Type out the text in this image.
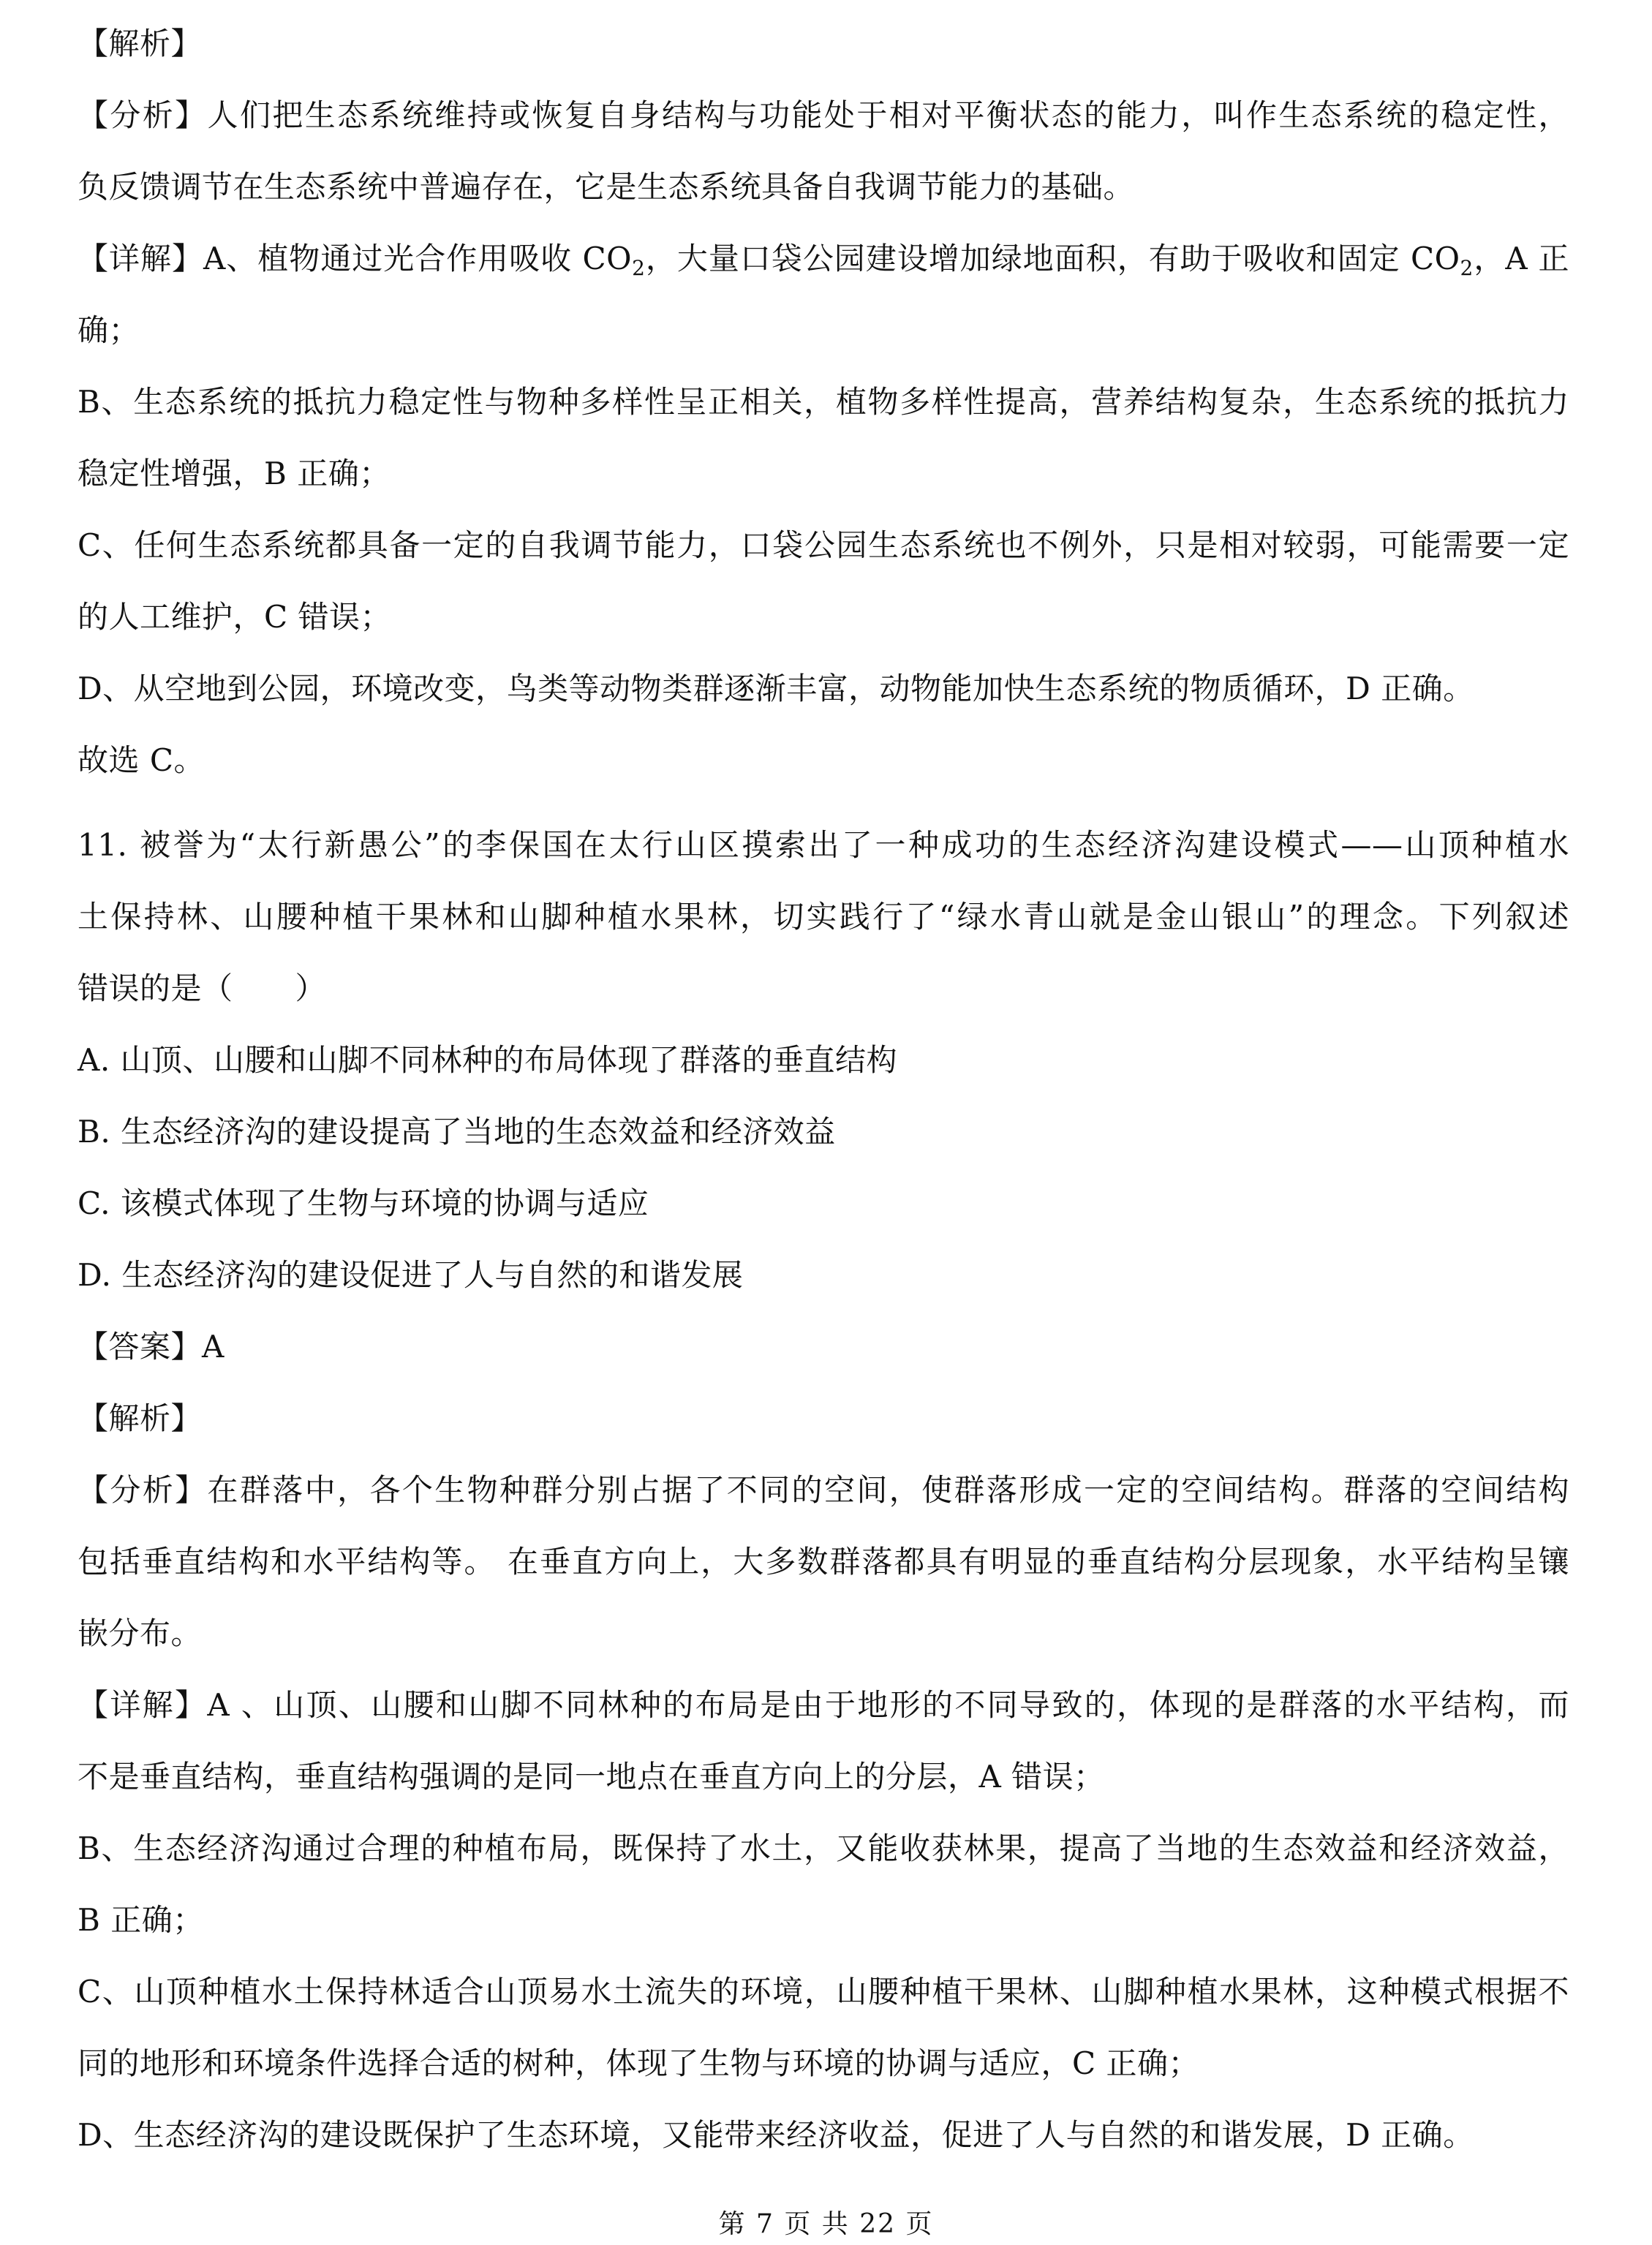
【解析】
【分析】人们把生态系统维持或恢复自身结构与功能处于相对平衡状态的能力，叫作生态系统的稳定性，
负反馈调节在生态系统中普遍存在，它是生态系统具备自我调节能力的基础。
【详解】A、植物通过光合作用吸收 $CO_2$，大量口袋公园建设增加绿地面积，有助于吸收和固定 $CO_2$，A 正
确；
B、生态系统的抵抗力稳定性与物种多样性呈正相关，植物多样性提高，营养结构复杂，生态系统的抵抗力
稳定性增强，B 正确；
C、任何生态系统都具备一定的自我调节能力，口袋公园生态系统也不例外，只是相对较弱，可能需要一定
的人工维护，C 错误；
D、从空地到公园，环境改变，鸟类等动物类群逐渐丰富，动物能加快生态系统的物质循环，D 正确。
故选 C。
11. 被誉为“太行新愚公”的李保国在太行山区摸索出了一种成功的生态经济沟建设模式——山顶种植水
土保持林、山腰种植干果林和山脚种植水果林，切实践行了“绿水青山就是金山银山”的理念。下列叙述
错误的是（　　）
A. 山顶、山腰和山脚不同林种的布局体现了群落的垂直结构
B. 生态经济沟的建设提高了当地的生态效益和经济效益
C. 该模式体现了生物与环境的协调与适应
D. 生态经济沟的建设促进了人与自然的和谐发展
【答案】A
【解析】
【分析】在群落中，各个生物种群分别占据了不同的空间，使群落形成一定的空间结构。群落的空间结构
包括垂直结构和水平结构等。 在垂直方向上，大多数群落都具有明显的垂直结构分层现象，水平结构呈镶
嵌分布。
【详解】A 、山顶、山腰和山脚不同林种的布局是由于地形的不同导致的，体现的是群落的水平结构，而
不是垂直结构，垂直结构强调的是同一地点在垂直方向上的分层，A 错误；
B、生态经济沟通过合理的种植布局，既保持了水土，又能收获林果，提高了当地的生态效益和经济效益，
B 正确；
C、山顶种植水土保持林适合山顶易水土流失的环境，山腰种植干果林、山脚种植水果林，这种模式根据不
同的地形和环境条件选择合适的树种，体现了生物与环境的协调与适应，C 正确；
D、生态经济沟的建设既保护了生态环境，又能带来经济收益，促进了人与自然的和谐发展，D 正确。
第 7 页 共 22 页
